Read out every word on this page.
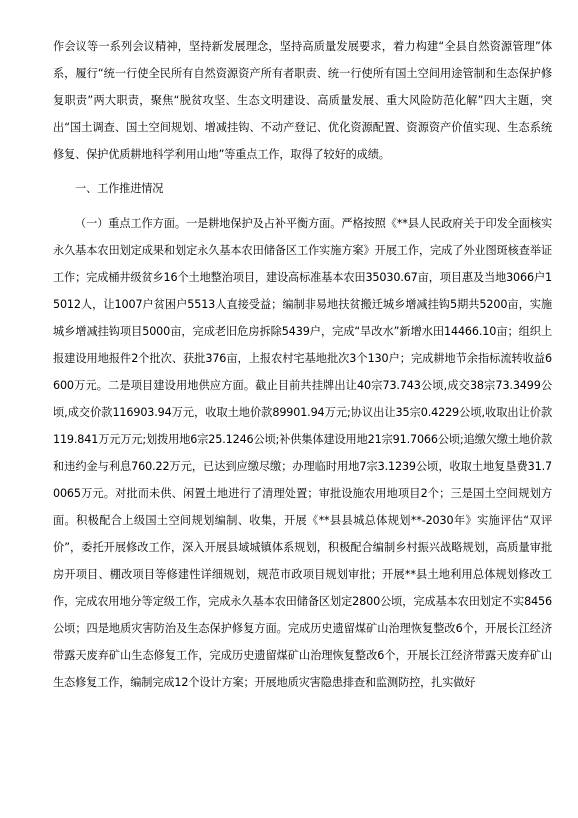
作会议等一系列会议精神，坚持新发展理念，坚持高质量发展要求，着力构建“全县自然资源管理”体系，履行“统一行使全民所有自然资源资产所有者职责、统一行使所有国土空间用途管制和生态保护修复职责”两大职责，聚焦“脱贫攻坚、生态文明建设、高质量发展、重大风险防范化解”四大主题，突出“国土调查、国土空间规划、增减挂钩、不动产登记、优化资源配置、资源资产价值实现、生态系统修复、保护优质耕地科学利用山地”等重点工作，取得了较好的成绩。

一、工作推进情况

（一）重点工作方面。一是耕地保护及占补平衡方面。严格按照《**县人民政府关于印发全面核实永久基本农田划定成果和划定永久基本农田储备区工作实施方案》开展工作，完成了外业图斑核查举证工作；完成桶井级贫乡16个土地整治项目，建设高标准基本农田35030.67亩，项目惠及当地3066户15012人，让1007户贫困户5513人直接受益；编制非易地扶贫搬迁城乡增减挂钩5期共5200亩，实施城乡增减挂钩项目5000亩，完成老旧危房拆除5439户，完成“旱改水”新增水田14466.10亩；组织上报建设用地报件2个批次、获批376亩，上报农村宅基地批次3个130户；完成耕地节余指标流转收益6600万元。二是项目建设用地供应方面。截止目前共挂牌出让40宗73.743公顷,成交38宗73.3499公顷,成交价款116903.94万元，收取土地价款89901.94万元;协议出让35宗0.4229公顷,收取出让价款119.841万元万元;划拨用地6宗25.1246公顷;补供集体建设用地21宗91.7066公顷;追缴欠缴土地价款和违约金与利息760.22万元，已达到应缴尽缴；办理临时用地7宗3.1239公顷，收取土地复垦费31.70065万元。对批而未供、闲置土地进行了清理处置；审批设施农用地项目2个；三是国土空间规划方面。积极配合上级国土空间规划编制、收集，开展《**县县城总体规划**-2030年》实施评估“双评价”，委托开展修改工作，深入开展县域城镇体系规划，积极配合编制乡村振兴战略规划，高质量审批房开项目、棚改项目等修建性详细规划，规范市政项目规划审批；开展**县土地利用总体规划修改工作，完成农用地分等定级工作，完成永久基本农田储备区划定2800公顷，完成基本农田划定不实8456公顷；四是地质灾害防治及生态保护修复方面。完成历史遗留煤矿山治理恢复整改6个，开展长江经济带露天废弃矿山生态修复工作，完成历史遗留煤矿山治理恢复整改6个，开展长江经济带露天废弃矿山生态修复工作，编制完成12个设计方案；开展地质灾害隐患排查和监测防控，扎实做好
